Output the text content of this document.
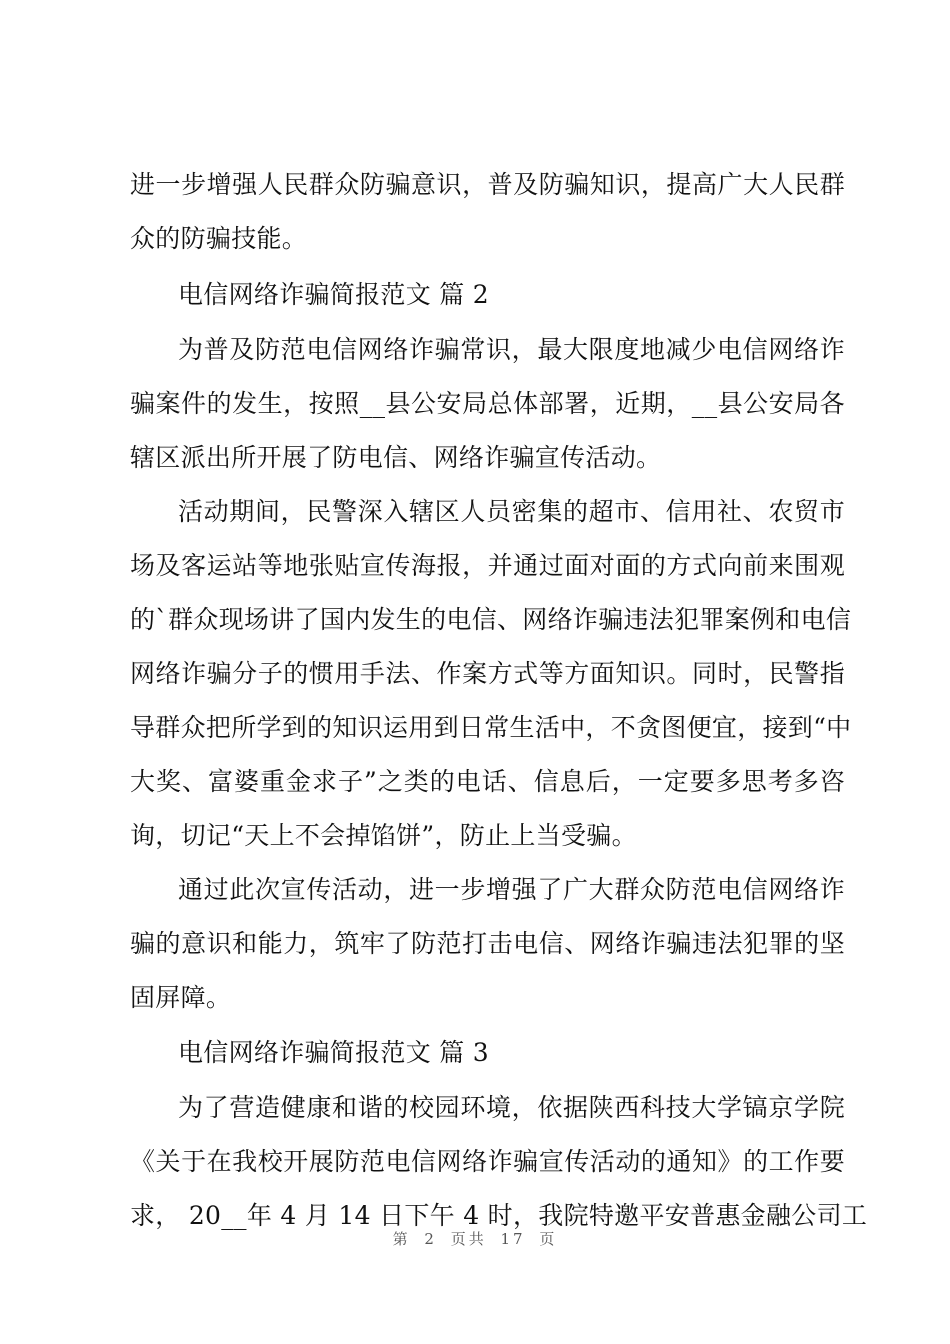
进一步增强人民群众防骗意识，普及防骗知识，提高广大人民群
众的防骗技能。
电信网络诈骗简报范文 篇 2
为普及防范电信网络诈骗常识，最大限度地减少电信网络诈
骗案件的发生，按照__县公安局总体部署，近期，__县公安局各
辖区派出所开展了防电信、网络诈骗宣传活动。
活动期间，民警深入辖区人员密集的超市、信用社、农贸市
场及客运站等地张贴宣传海报，并通过面对面的方式向前来围观
的`群众现场讲了国内发生的电信、网络诈骗违法犯罪案例和电信
网络诈骗分子的惯用手法、作案方式等方面知识。同时，民警指
导群众把所学到的知识运用到日常生活中，不贪图便宜，接到“中
大奖、富婆重金求子”之类的电话、信息后，一定要多思考多咨
询，切记“天上不会掉馅饼”，防止上当受骗。
通过此次宣传活动，进一步增强了广大群众防范电信网络诈
骗的意识和能力，筑牢了防范打击电信、网络诈骗违法犯罪的坚
固屏障。
电信网络诈骗简报范文 篇 3
为了营造健康和谐的校园环境，依据陕西科技大学镐京学院
《关于在我校开展防范电信网络诈骗宣传活动的通知》的工作要
求， 20__年 4 月 14 日下午 4 时，我院特邀平安普惠金融公司工
第 2 页共 17 页
